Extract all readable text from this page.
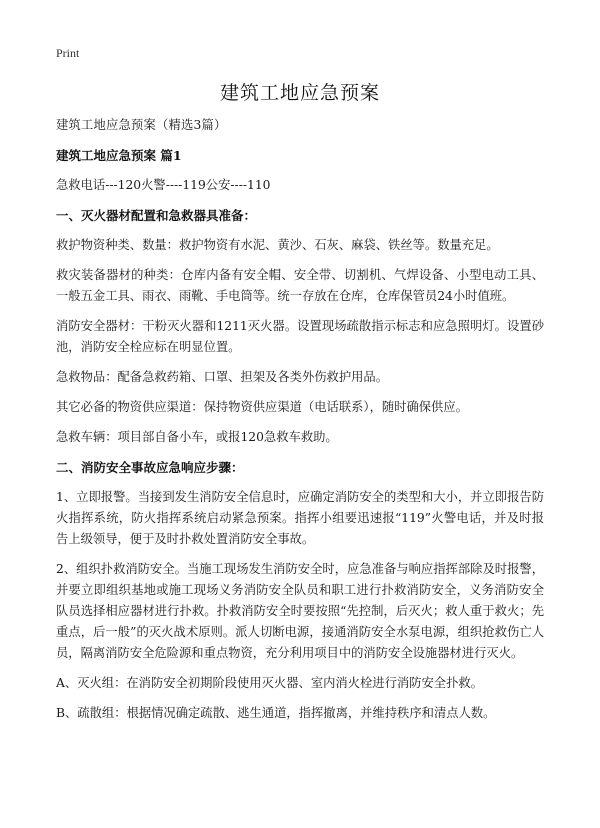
Print
建筑工地应急预案

建筑工地应急预案（精选3篇）

建筑工地应急预案 篇1

急救电话---120火警----119公安----110

一、灭火器材配置和急救器具准备：

救护物资种类、数量：救护物资有水泥、黄沙、石灰、麻袋、铁丝等。数量充足。

救灾装备器材的种类：仓库内备有安全帽、安全带、切割机、气焊设备、小型电动工具、一般五金工具、雨衣、雨靴、手电筒等。统一存放在仓库，仓库保管员24小时值班。

消防安全器材：干粉灭火器和1211灭火器。设置现场疏散指示标志和应急照明灯。设置砂池，消防安全栓应标在明显位置。

急救物品：配备急救药箱、口罩、担架及各类外伤救护用品。

其它必备的物资供应渠道：保持物资供应渠道（电话联系），随时确保供应。

急救车辆：项目部自备小车，或报120急救车救助。

二、消防安全事故应急响应步骤：

1、立即报警。当接到发生消防安全信息时，应确定消防安全的类型和大小，并立即报告防火指挥系统，防火指挥系统启动紧急预案。指挥小组要迅速报“119”火警电话，并及时报告上级领导，便于及时扑救处置消防安全事故。

2、组织扑救消防安全。当施工现场发生消防安全时，应急准备与响应指挥部除及时报警，并要立即组织基地或施工现场义务消防安全队员和职工进行扑救消防安全，义务消防安全队员选择相应器材进行扑救。扑救消防安全时要按照“先控制，后灭火；救人重于救火；先重点，后一般”的灭火战术原则。派人切断电源，接通消防安全水泵电源，组织抢救伤亡人员，隔离消防安全危险源和重点物资，充分利用项目中的消防安全设施器材进行灭火。

A、灭火组：在消防安全初期阶段使用灭火器、室内消火栓进行消防安全扑救。

B、疏散组：根据情况确定疏散、逃生通道，指挥撤离，并维持秩序和清点人数。
